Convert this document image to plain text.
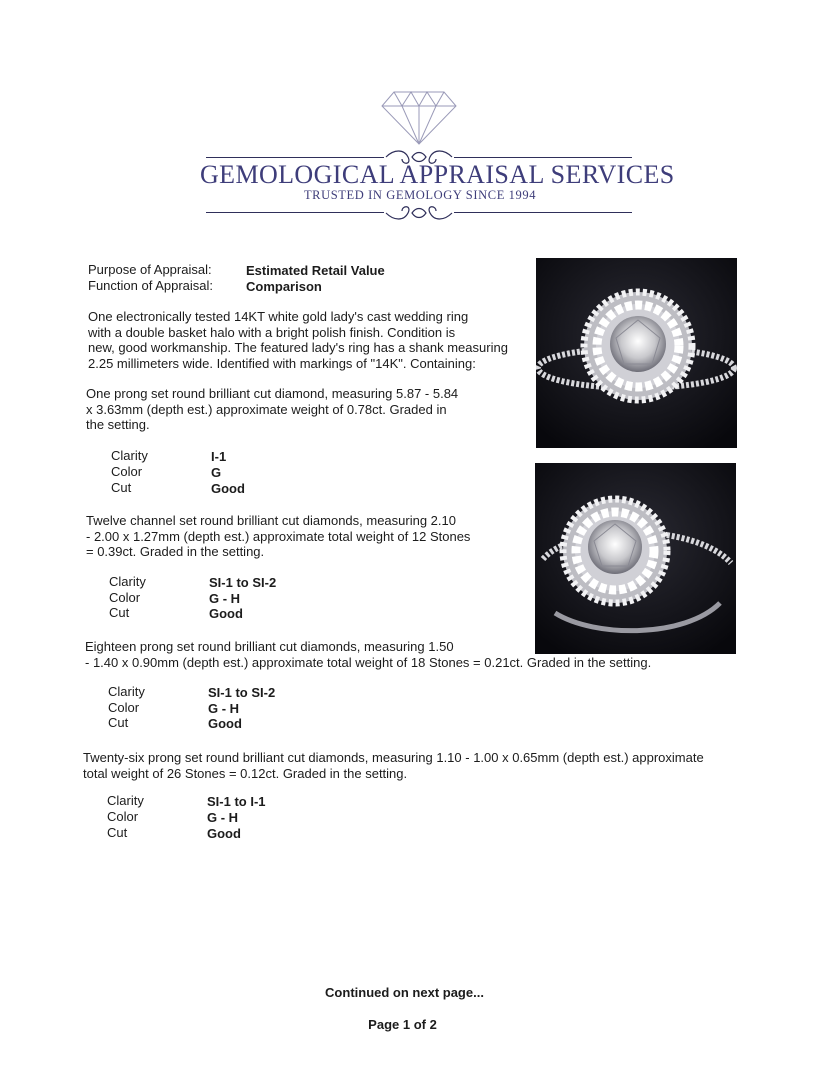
GEMOLOGICAL APPRAISAL SERVICES
TRUSTED IN GEMOLOGY SINCE 1994
Purpose of Appraisal:	Estimated Retail Value
Function of Appraisal:	Comparison
One electronically tested 14KT white gold lady's cast wedding ring
with a double basket halo with a bright polish finish. Condition is
new, good workmanship. The featured lady's ring has a shank measuring
2.25 millimeters wide. Identified with markings of "14K". Containing:
One prong set round brilliant cut diamond, measuring 5.87 - 5.84
x 3.63mm (depth est.) approximate weight of 0.78ct. Graded in
the setting.
Clarity	I-1
Color	G
Cut	Good
Twelve channel set round brilliant cut diamonds, measuring 2.10
- 2.00 x 1.27mm (depth est.) approximate total weight of 12 Stones
= 0.39ct. Graded in the setting.
Clarity	SI-1 to SI-2
Color	G - H
Cut	Good
Eighteen prong set round brilliant cut diamonds, measuring 1.50
- 1.40 x 0.90mm (depth est.) approximate total weight of 18 Stones = 0.21ct. Graded in the setting.
Clarity	SI-1 to SI-2
Color	G - H
Cut	Good
Twenty-six prong set round brilliant cut diamonds, measuring 1.10 - 1.00 x 0.65mm (depth est.) approximate
total weight of 26 Stones = 0.12ct. Graded in the setting.
Clarity	SI-1 to I-1
Color	G - H
Cut	Good
Continued on next page...
Page 1 of 2
